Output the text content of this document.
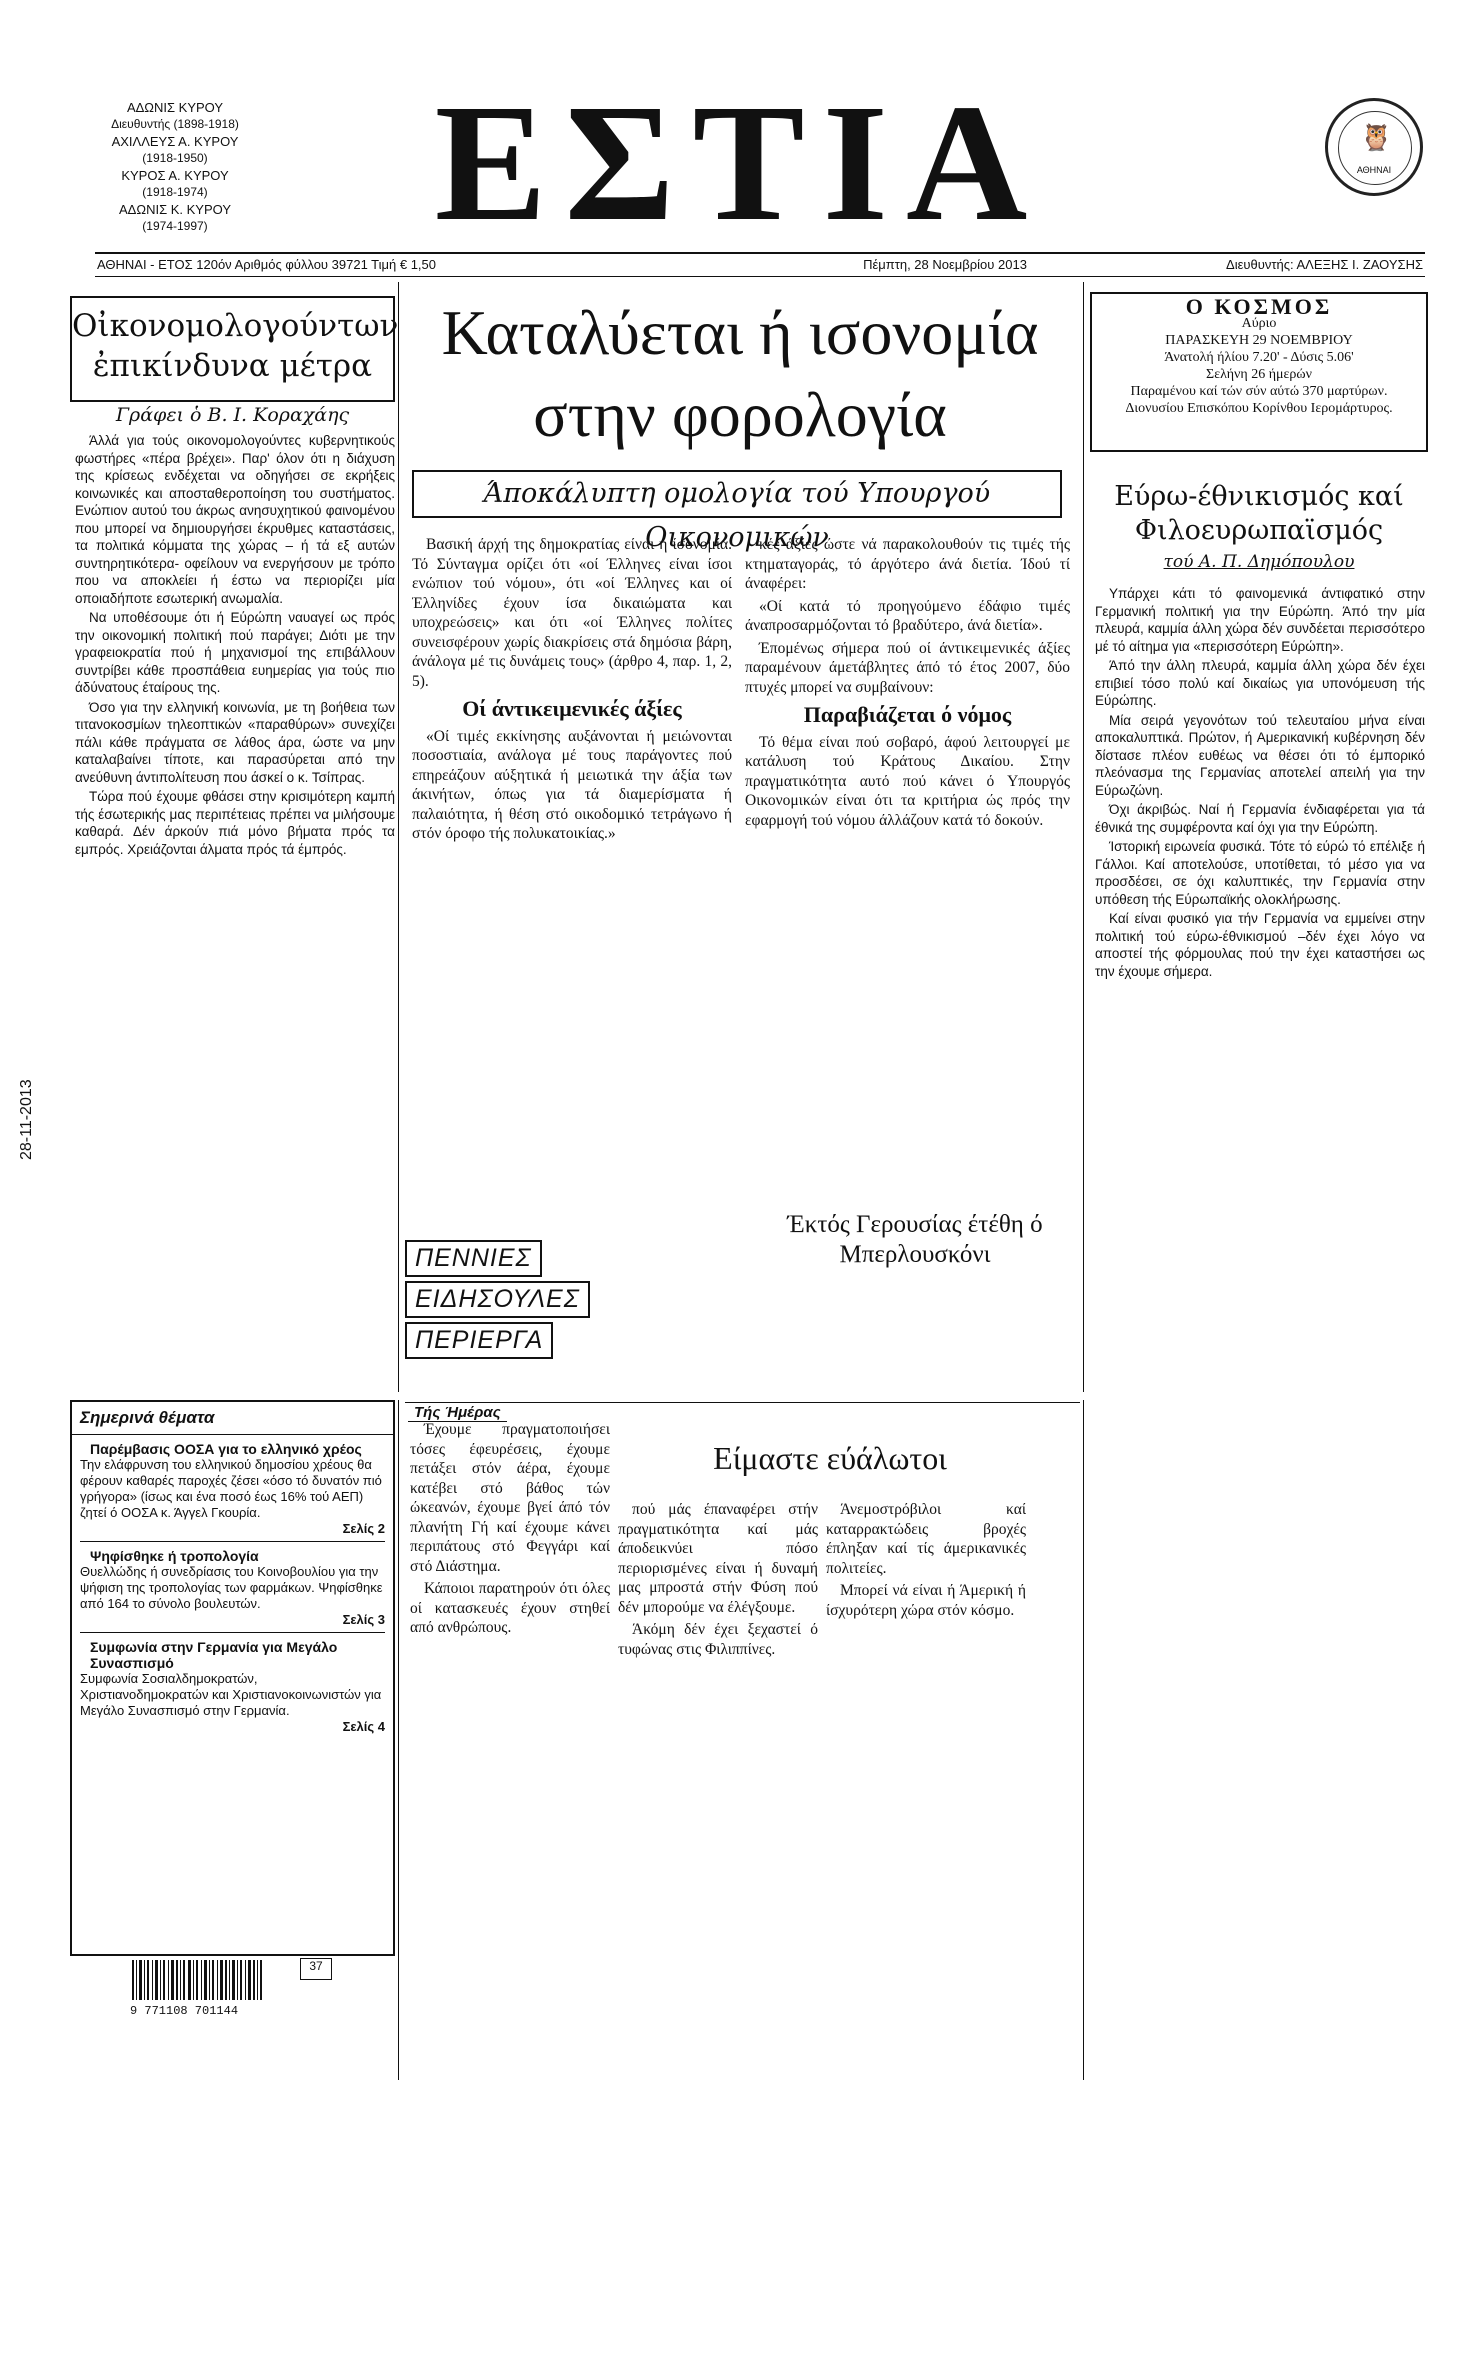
ΑΔΩΝΙΣ ΚΥΡΟΥ
Διευθυντής (1898-1918)
ΑΧΙΛΛΕΥΣ Α. ΚΥΡΟΥ
(1918-1950)
ΚΥΡΟΣ Α. ΚΥΡΟΥ
(1918-1974)
ΑΔΩΝΙΣ Κ. ΚΥΡΟΥ
(1974-1997)	ΕΣΤΙΑ	🦉
ΑΘΗΝΑΙ
ΑΘΗΝΑΙ - ΕΤΟΣ 120όν Αριθμός φύλλου 39721 Τιμή € 1,50	Πέμπτη, 28 Νοεμβρίου 2013	Διευθυντής: ΑΛΕΞΗΣ Ι. ΖΑΟΥΣΗΣ
Οἰκονομολογούντων ἐπικίνδυνα μέτρα
Γράφει ὁ Β. Ι. Κοραχάης

Άλλά για τούς οικονομολογούντες κυβερνητικούς φωστήρες «πέρα βρέχει». Παρ' όλον ότι η διάχυση της κρίσεως ενδέχεται να οδηγήσει σε εκρήξεις κοινωνικές και αποσταθεροποίηση του συστήματος. Ενώπιον αυτού του άκρως ανησυχητικού φαινομένου που μπορεί να δημιουργήσει έκρυθμες καταστάσεις, τα πολιτικά κόμματα της χώρας – ή τά εξ αυτών συντηρητικότερα- οφείλουν να ενεργήσουν με τρόπο που να αποκλείει ή έστω να περιορίζει μία οποιαδήποτε εσωτερική ανωμαλία.

Να υποθέσουμε ότι ή Εύρώπη ναυαγεί ως πρός την οικονομική πολιτική πού παράγει; Διότι με την γραφειοκρατία πού ή μηχανισμοί της επιβάλλουν συντρίβει κάθε προσπάθεια ευημερίας για τούς πιο άδύνατους έταίρους της.

Όσο για την ελληνική κοινωνία, με τη βοήθεια των τιτανοκοσμίων τηλεοπτικών «παραθύρων» συνεχίζει πάλι κάθε πράγματα σε λάθος άρα, ώστε να μην καταλαβαίνει τίποτε, και παρασύρεται από την ανεύθυνη άντιπολίτευση που άσκεί ο κ. Τσίπρας.

Τώρα πού έχουμε φθάσει στην κρισιμότερη καμπή τής έσωτερικής μας περιπέτειας πρέπει να μιλήσουμε καθαρά. Δέν άρκούν πιά μόνο βήματα πρός τα εμπρός. Χρειάζονται άλματα πρός τά έμπρός.

28-11-2013
Καταλύεται ή ισονομία
στην φορολογία
Άποκάλυπτη ομολογία τού Υπουργού Οικονομικών

Βασική άρχή της δημοκρατίας είναι ή ίσονομία. Τό Σύνταγμα ορίζει ότι «οί Έλληνες είναι ίσοι ενώπιον τού νόμου», ότι «οί Έλληνες και οί Έλληνίδες έχουν ίσα δικαιώματα και υποχρεώσεις» και ότι «οί Έλληνες πολίτες συνεισφέρουν χωρίς διακρίσεις στά δημόσια βάρη, άνάλογα μέ τις δυνάμεις τους» (άρθρο 4, παρ. 1, 2, 5).

Οί άντικειμενικές άξίες

«Οί τιμές εκκίνησης αυξάνονται ή μειώνονται ποσοστιαία, ανάλογα μέ τους παράγοντες πού επηρεάζουν αύξητικά ή μειωτικά την άξία των άκινήτων, όπως για τά διαμερίσματα ή παλαιότητα, ή θέση στό οικοδομικό τετράγωνο ή στόν όροφο τής πολυκατοικίας.»

κές άξίες ώστε νά παρακολουθούν τις τιμές τής κτηματαγοράς, τό άργότερο άνά διετία. Ίδού τί άναφέρει:

«Οί κατά τό προηγούμενο έδάφιο τιμές άναπροσαρμόζονται τό βραδύτερο, άνά διετία».

Έπομένως σήμερα πού οί άντικειμενικές άξίες παραμένουν άμετάβλητες άπό τό έτος 2007, δύο πτυχές μπορεί να συμβαίνουν:

Παραβιάζεται ό νόμος

Τό θέμα είναι πού σοβαρό, άφού λειτουργεί με κατάλυση τού Κράτους Δικαίου. Στην πραγματικότητα αυτό πού κάνει ό Υπουργός Οικονομικών είναι ότι τα κριτήρια ώς πρός την εφαρμογή τού νόμου άλλάζουν κατά τό δοκούν.

Ο ΚΟΣΜΟΣ
Αύριο
ΠΑΡΑΣΚΕΥΗ 29 ΝΟΕΜΒΡΙΟΥ
Άνατολή ήλίου 7.20' - Δύσις 5.06'
Σελήνη 26 ήμερών
Παραμένου καί τών σύν αύτώ 370 μαρτύρων.
Διονυσίου Επισκόπου Κορίνθου Ιερομάρτυρος.
Εύρω-έθνικισμός καί Φιλοευρωπαϊσμός
τού Α. Π. Δημόπουλου

Υπάρχει κάτι τό φαινομενικά άντιφατικό στην Γερμανική πολιτική για την Εύρώπη. Άπό την μία πλευρά, καμμία άλλη χώρα δέν συνδέεται περισσότερο μέ τό αίτημα για «περισσότερη Εύρώπη».

Άπό την άλλη πλευρά, καμμία άλλη χώρα δέν έχει επιβιεί τόσο πολύ καί δικαίως για υπονόμευση τής Εύρώπης.

Μία σειρά γεγονότων τού τελευταίου μήνα είναι αποκαλυπτικά. Πρώτον, ή Αμερικανική κυβέρνηση δέν δίστασε πλέον ευθέως να θέσει ότι τό έμπορικό πλεόνασμα της Γερμανίας αποτελεί απειλή για την Εύρωζώνη.

Όχι άκριβώς. Ναί ή Γερμανία ένδιαφέρεται για τά έθνικά της συμφέροντα καί όχι για την Εύρώπη.

Ίστορική ειρωνεία φυσικά. Τότε τό εύρώ τό επέλιξε ή Γάλλοι. Καί αποτελούσε, υποτίθεται, τό μέσο για να προσδέσει, σε όχι καλυπτικές, την Γερμανία στην υπόθεση τής Εύρωπαϊκής ολοκλήρωσης.

Καί είναι φυσικό για τήν Γερμανία να εμμείνει στην πολιτική τού εύρω-έθνικισμού –δέν έχει λόγο να αποστεί τής φόρμουλας πού την έχει καταστήσει ως την έχουμε σήμερα.

Σημερινά θέματα
Παρέμβασις ΟΟΣΑ για το ελληνικό χρέος
Την ελάφρυνση του ελληνικού δημοσίου χρέους θα φέρουν καθαρές παροχές ζέσει «όσο τό δυνατόν πιό γρήγορα» (ίσως και ένα ποσό έως 16% τού ΑΕΠ) ζητεί ό ΟΟΣΑ κ. Άγγελ Γκουρία.
Σελίς 2
Ψηφίσθηκε ή τροπολογία
Θυελλώδης ή συνεδρίασις του Κοινοβουλίου για την ψήφιση της τροπολογίας των φαρμάκων. Ψηφίσθηκε από 164 το σύνολο βουλευτών.
Σελίς 3
Συμφωνία στην Γερμανία για Μεγάλο Συνασπισμό
Συμφωνία Σοσιαλδημοκρατών, Χριστιανοδημοκρατών και Χριστιανοκοινωνιστών για Μεγάλο Συνασπισμό στην Γερμανία.
Σελίς 4
9 771108 701144
37
Τής Ήμέρας
Είμαστε εύάλωτοι

Έχουμε πραγματοποιήσει τόσες έφευρέσεις, έχουμε πετάξει στόν άέρα, έχουμε κατέβει στό βάθος τών ώκεανών, έχουμε βγεί άπό τόν πλανήτη Γή καί έχουμε κάνει περιπάτους στό Φεγγάρι καί στό Διάστημα.

Κάποιοι παρατηρούν ότι όλες οί κατασκευές έχουν στηθεί από ανθρώπους.

πού μάς έπαναφέρει στήν πραγματικότητα καί μάς άποδεικνύει πόσο περιορισμένες είναι ή δυναμή μας μπροστά στήν Φύση πού δέν μπορούμε να έλέγξουμε.

Άκόμη δέν έχει ξεχαστεί ό τυφώνας στις Φιλιππίνες.

Άνεμοστρόβιλοι καί καταρρακτώδεις βροχές έπληξαν καί τίς άμερικανικές πολιτείες.

Μπορεί νά είναι ή Άμερική ή ίσχυρότερη χώρα στόν κόσμο.

ΠΕΝΝΙΕΣ
ΕΙΔΗΣΟΥΛΕΣ
ΠΕΡΙΕΡΓΑ
Έκτός Γερουσίας έτέθη ό Μπερλουσκόνι
